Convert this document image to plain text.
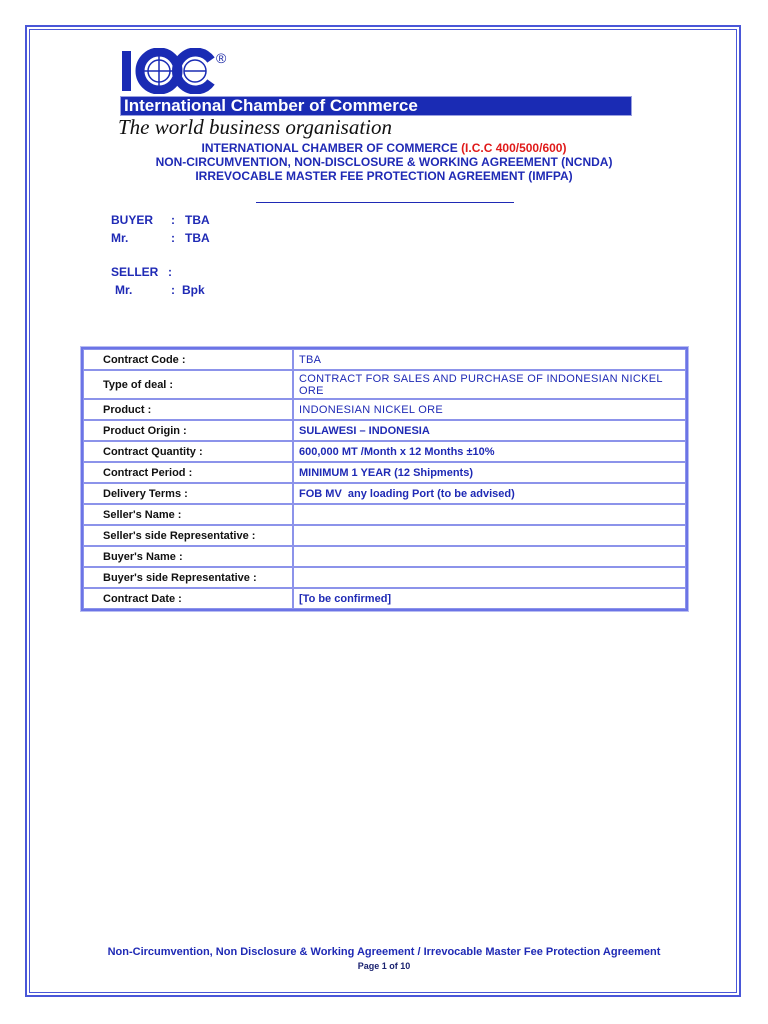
®
International Chamber of Commerce
The world business organisation
INTERNATIONAL CHAMBER OF COMMERCE (I.C.C 400/500/600)
NON-CIRCUMVENTION, NON-DISCLOSURE & WORKING AGREEMENT (NCNDA)
IRREVOCABLE MASTER FEE PROTECTION AGREEMENT (IMFPA)
BUYER : TBA
Mr.	: TBA
SELLER :
Mr.	: Bpk
Contract Code :	TBA
Type of deal :	CONTRACT FOR SALES AND PURCHASE OF INDONESIAN NICKEL ORE
Product :	INDONESIAN NICKEL ORE
Product Origin :	SULAWESI – INDONESIA
Contract Quantity :	600,000 MT /Month x 12 Months ±10%
Contract Period :	MINIMUM 1 YEAR (12 Shipments)
Delivery Terms :	FOB MV  any loading Port (to be advised)
Seller's Name :	
Seller's side Representative :	
Buyer's Name :	
Buyer's side Representative :	
Contract Date :	[To be confirmed]
Non-Circumvention, Non Disclosure & Working Agreement / Irrevocable Master Fee Protection Agreement
Page 1 of 10
